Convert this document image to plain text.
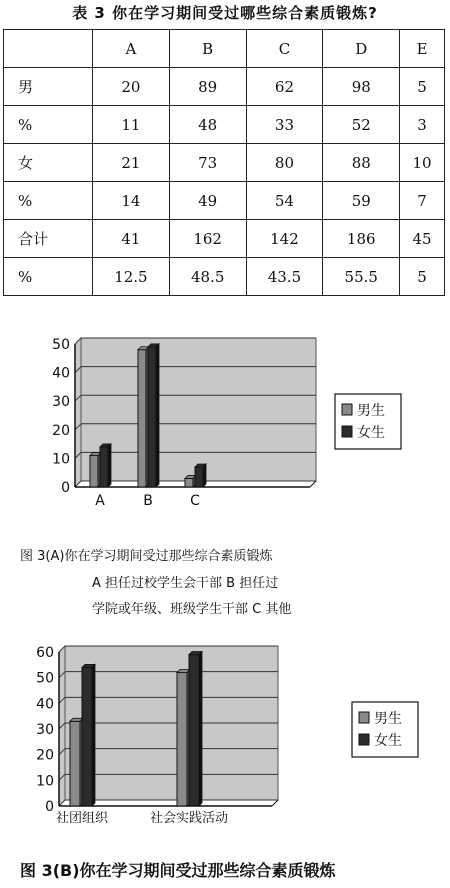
表 3 你在学习期间受过哪些综合素质锻炼?
	A	B	C	D	E
男	20	89	62	98	5
%	11	48	33	52	3
女	21	73	80	88	10
%	14	49	54	59	7
合计	41	162	142	186	45
%	12.5	48.5	43.5	55.5	5
0
10
20
30
40
50
A	B	C
男生
女生
图 3(A)你在学习期间受过那些综合素质锻炼
A 担任过校学生会干部 B 担任过
学院或年级、班级学生干部 C 其他
0
10
20
30
40
50
60
社团组织	社会实践活动
男生
女生
图 3(B)你在学习期间受过那些综合素质锻炼
